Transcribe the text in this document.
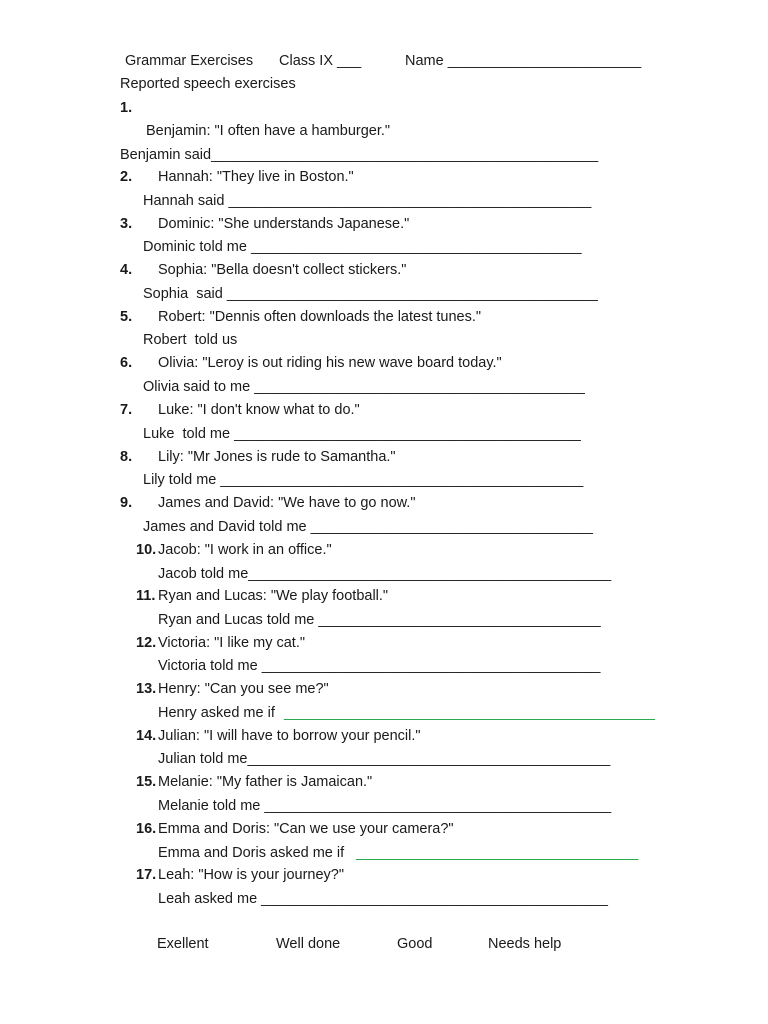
Grammar Exercises Class IX ___	Name ________________________
Reported speech exercises
1.
Benjamin: "I often have a hamburger."
Benjamin said________________________________________________
2. Hannah: "They live in Boston."
Hannah said _____________________________________________
3. Dominic: "She understands Japanese."
Dominic told me _________________________________________
4. Sophia: "Bella doesn't collect stickers."
Sophia  said ______________________________________________
5. Robert: "Dennis often downloads the latest tunes."
Robert  told us
6. Olivia: "Leroy is out riding his new wave board today."
Olivia said to me _________________________________________
7. Luke: "I don't know what to do."
Luke  told me ___________________________________________
8. Lily: "Mr Jones is rude to Samantha."
Lily told me _____________________________________________
9. James and David: "We have to go now."
James and David told me ___________________________________
10. Jacob: "I work in an office."
Jacob told me_____________________________________________
11. Ryan and Lucas: "We play football."
Ryan and Lucas told me ___________________________________
12. Victoria: "I like my cat."
Victoria told me __________________________________________
13. Henry: "Can you see me?"
Henry asked me if ______________________________________________
14. Julian: "I will have to borrow your pencil."
Julian told me_____________________________________________
15. Melanie: "My father is Jamaican."
Melanie told me ___________________________________________
16. Emma and Doris: "Can we use your camera?"
Emma and Doris asked me if ___________________________________
17. Leah: "How is your journey?"
Leah asked me ___________________________________________
Exellent	Well done	Good	Needs help
